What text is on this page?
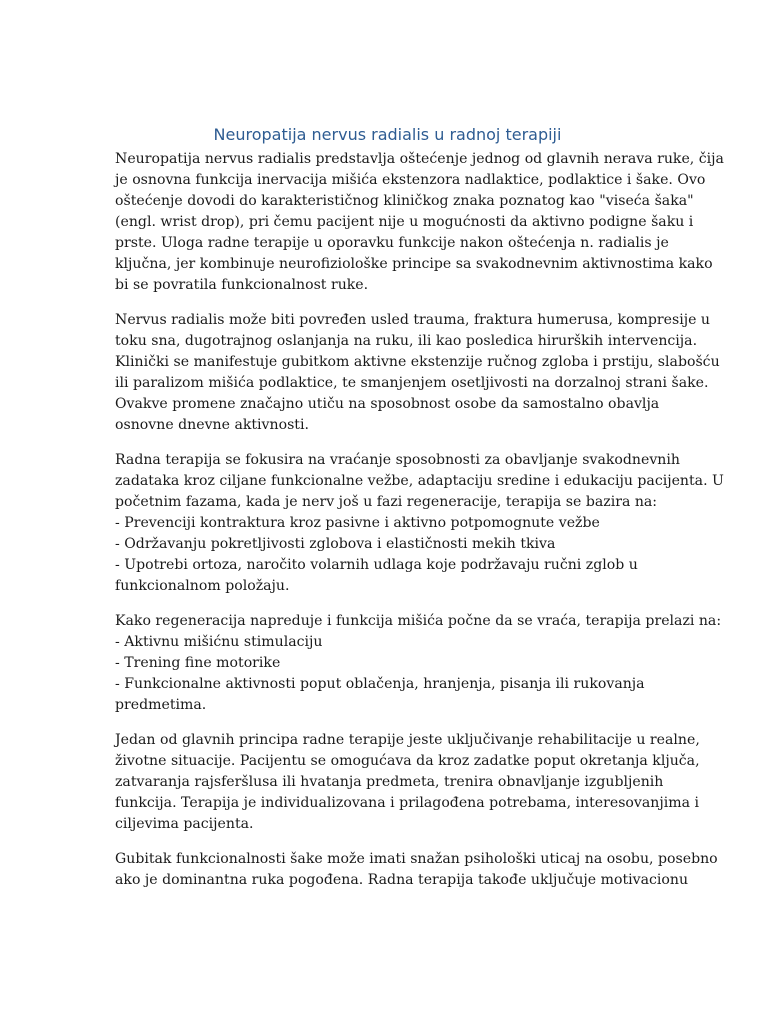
Neuropatija nervus radialis u radnoj terapiji

Neuropatija nervus radialis predstavlja oštećenje jednog od glavnih nerava ruke, čija
je osnovna funkcija inervacija mišića ekstenzora nadlaktice, podlaktice i šake. Ovo
oštećenje dovodi do karakterističnog kliničkog znaka poznatog kao "viseća šaka"
(engl. wrist drop), pri čemu pacijent nije u mogućnosti da aktivno podigne šaku i
prste. Uloga radne terapije u oporavku funkcije nakon oštećenja n. radialis je
ključna, jer kombinuje neurofiziološke principe sa svakodnevnim aktivnostima kako
bi se povratila funkcionalnost ruke.

Nervus radialis može biti povređen usled trauma, fraktura humerusa, kompresije u
toku sna, dugotrajnog oslanjanja na ruku, ili kao posledica hirurških intervencija.
Klinički se manifestuje gubitkom aktivne ekstenzije ručnog zgloba i prstiju, slabošću
ili paralizom mišića podlaktice, te smanjenjem osetljivosti na dorzalnoj strani šake.
Ovakve promene značajno utiču na sposobnost osobe da samostalno obavlja
osnovne dnevne aktivnosti.

Radna terapija se fokusira na vraćanje sposobnosti za obavljanje svakodnevnih
zadataka kroz ciljane funkcionalne vežbe, adaptaciju sredine i edukaciju pacijenta. U
početnim fazama, kada je nerv još u fazi regeneracije, terapija se bazira na:
- Prevenciji kontraktura kroz pasivne i aktivno potpomognute vežbe
- Održavanju pokretljivosti zglobova i elastičnosti mekih tkiva
- Upotrebi ortoza, naročito volarnih udlaga koje podržavaju ručni zglob u
funkcionalnom položaju.

Kako regeneracija napreduje i funkcija mišića počne da se vraća, terapija prelazi na:
- Aktivnu mišićnu stimulaciju
- Trening fine motorike
- Funkcionalne aktivnosti poput oblačenja, hranjenja, pisanja ili rukovanja
predmetima.

Jedan od glavnih principa radne terapije jeste uključivanje rehabilitacije u realne,
životne situacije. Pacijentu se omogućava da kroz zadatke poput okretanja ključa,
zatvaranja rajsferšlusa ili hvatanja predmeta, trenira obnavljanje izgubljenih
funkcija. Terapija je individualizovana i prilagođena potrebama, interesovanjima i
ciljevima pacijenta.

Gubitak funkcionalnosti šake može imati snažan psihološki uticaj na osobu, posebno
ako je dominantna ruka pogođena. Radna terapija takođe uključuje motivacionu
